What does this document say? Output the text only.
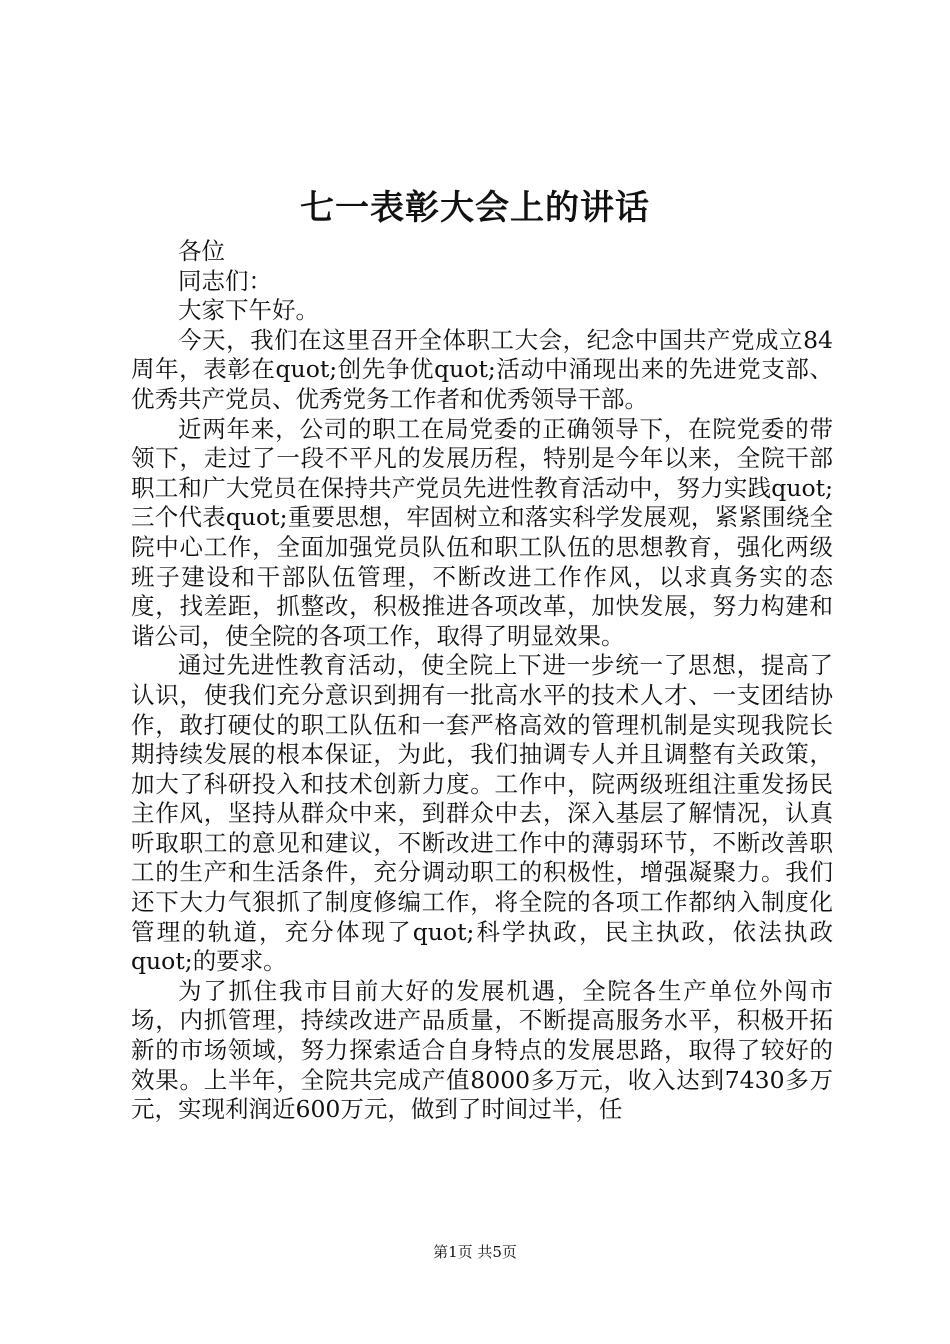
七一表彰大会上的讲话

各位

同志们：

大家下午好。

今天，我们在这里召开全体职工大会，纪念中国共产党成立84周年，表彰在quot;创先争优quot;活动中涌现出来的先进党支部、优秀共产党员、优秀党务工作者和优秀领导干部。

近两年来，公司的职工在局党委的正确领导下，在院党委的带领下，走过了一段不平凡的发展历程，特别是今年以来，全院干部职工和广大党员在保持共产党员先进性教育活动中，努力实践quot;三个代表quot;重要思想，牢固树立和落实科学发展观，紧紧围绕全院中心工作，全面加强党员队伍和职工队伍的思想教育，强化两级班子建设和干部队伍管理，不断改进工作作风，以求真务实的态度，找差距，抓整改，积极推进各项改革，加快发展，努力构建和谐公司，使全院的各项工作，取得了明显效果。

通过先进性教育活动，使全院上下进一步统一了思想，提高了认识，使我们充分意识到拥有一批高水平的技术人才、一支团结协作，敢打硬仗的职工队伍和一套严格高效的管理机制是实现我院长期持续发展的根本保证，为此，我们抽调专人并且调整有关政策，加大了科研投入和技术创新力度。工作中，院两级班组注重发扬民主作风，坚持从群众中来，到群众中去，深入基层了解情况，认真听取职工的意见和建议，不断改进工作中的薄弱环节，不断改善职工的生产和生活条件，充分调动职工的积极性，增强凝聚力。我们还下大力气狠抓了制度修编工作，将全院的各项工作都纳入制度化管理的轨道，充分体现了quot;科学执政，民主执政，依法执政quot;的要求。

为了抓住我市目前大好的发展机遇，全院各生产单位外闯市场，内抓管理，持续改进产品质量，不断提高服务水平，积极开拓新的市场领域，努力探索适合自身特点的发展思路，取得了较好的效果。上半年，全院共完成产值8000多万元，收入达到7430多万元，实现利润近600万元，做到了时间过半，任

第1页 共5页
